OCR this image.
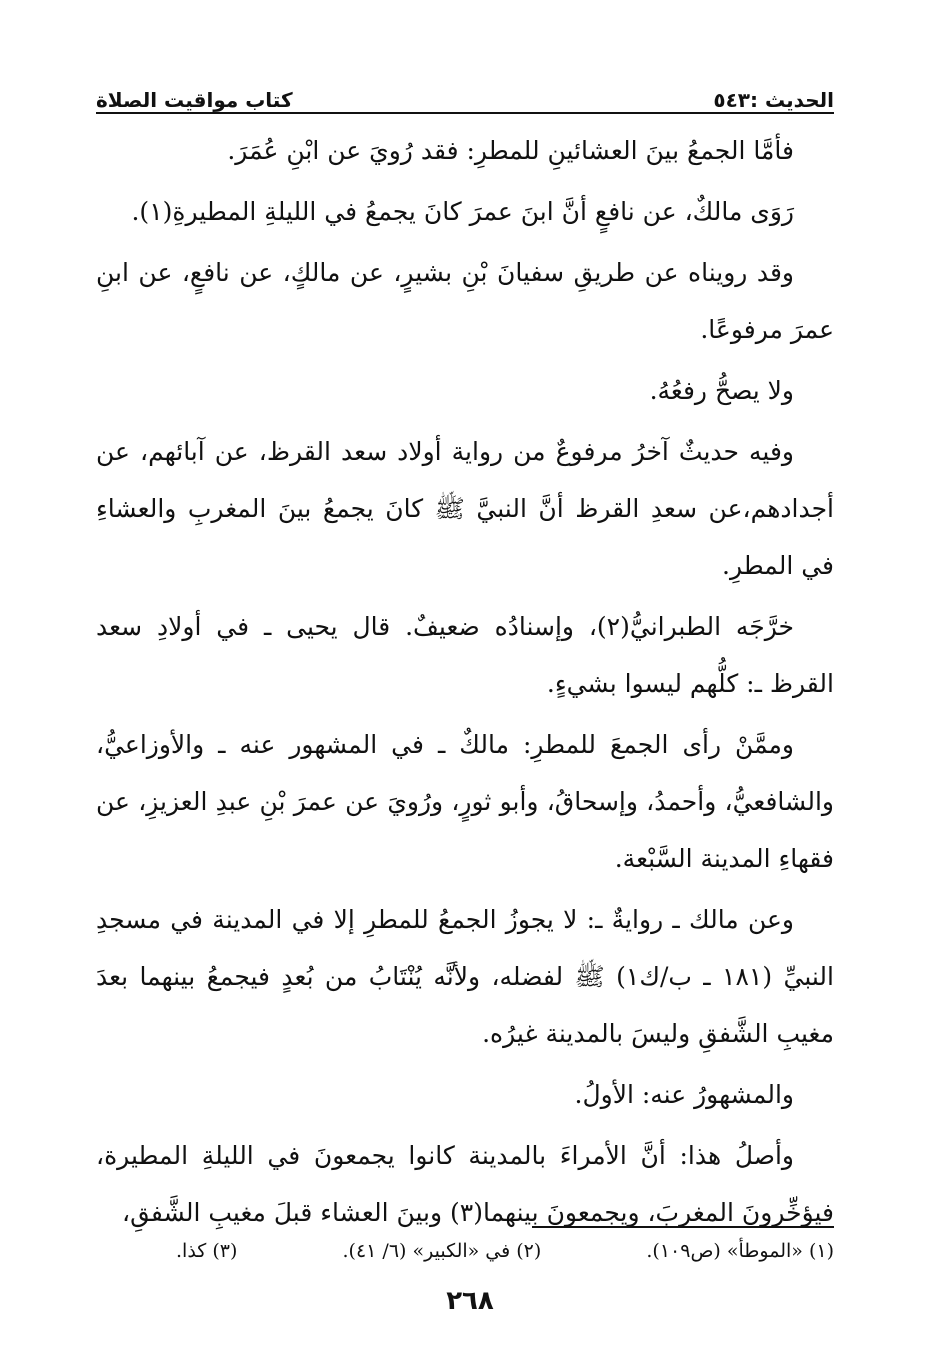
الحديث :٥٤٣
كتاب مواقيت الصلاة

فأمَّا الجمعُ بينَ العشائينِ للمطرِ: فقد رُويَ عن ابْنِ عُمَرَ.

رَوَى مالكٌ، عن نافعٍ أنَّ ابنَ عمرَ كانَ يجمعُ في الليلةِ المطيرةِ(١).

وقد رويناه عن طريقِ سفيانَ بْنِ بشيرٍ، عن مالكٍ، عن نافعٍ، عن ابنِ عمرَ مرفوعًا.

ولا يصحُّ رفعُهُ.

وفيه حديثٌ آخرُ مرفوعٌ من رواية أولاد سعد القرظ، عن آبائهم، عن أجدادهم،عن سعدِ القرظ أنَّ النبيَّ ﷺ كانَ يجمعُ بينَ المغربِ والعشاءِ في المطرِ.

خرَّجَه الطبرانيُّ(٢)، وإسنادُه ضعيفٌ. قال يحيى ـ في أولادِ سعد القرظ ـ: كلُّهم ليسوا بشيءٍ.

وممَّنْ رأى الجمعَ للمطرِ: مالكٌ ـ في المشهور عنه ـ والأوزاعيُّ، والشافعيُّ، وأحمدُ، وإسحاقُ، وأبو ثورٍ، ورُويَ عن عمرَ بْنِ عبدِ العزيزِ، عن فقهاءِ المدينة السَّبْعة.

وعن مالك ـ روايةٌ ـ: لا يجوزُ الجمعُ للمطرِ إلا في المدينة في مسجدِ النبيِّ (١٨١ ـ ب/ك١) ﷺ لفضله، ولأنَّه يُنْتَابُ من بُعدٍ فيجمعُ بينهما بعدَ مغيبِ الشَّفقِ وليسَ بالمدينة غيرُه.

والمشهورُ عنه: الأولُ.

وأصلُ هذا: أنَّ الأمراءَ بالمدينة كانوا يجمعونَ في الليلةِ المطيرة، فيؤخِّرونَ المغربَ، ويجمعونَ بينهما(٣) وبينَ العشاء قبلَ مغيبِ الشَّفقِ،

(١) «الموطأ» (ص١٠٩).
(٢) في «الكبير» (٦/ ٤١).
(٣) كذا.
٢٦٨
